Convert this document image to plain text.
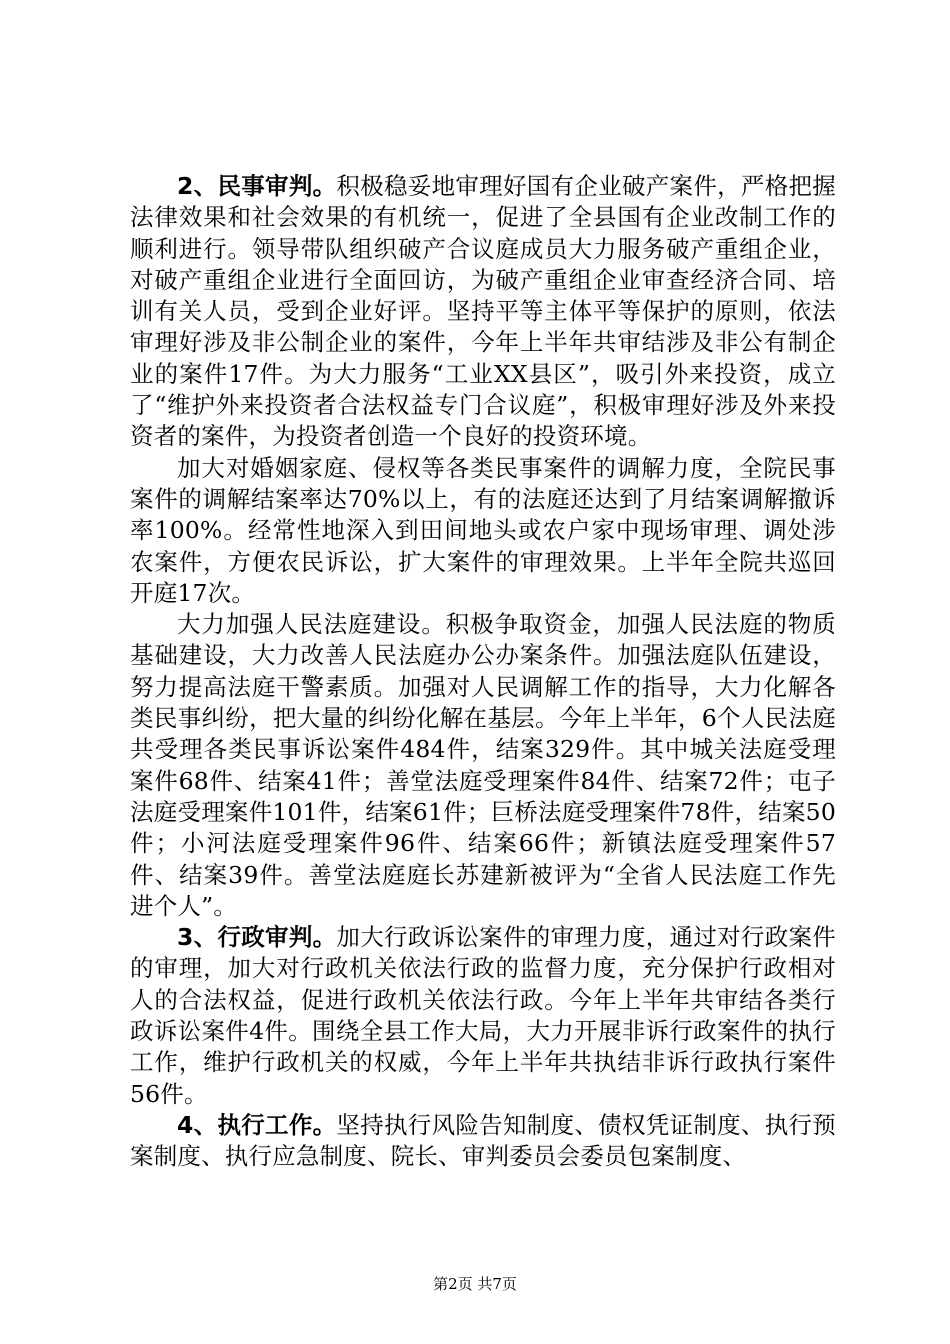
2、民事审判。积极稳妥地审理好国有企业破产案件，严格把握法律效果和社会效果的有机统一，促进了全县国有企业改制工作的顺利进行。领导带队组织破产合议庭成员大力服务破产重组企业，对破产重组企业进行全面回访，为破产重组企业审查经济合同、培训有关人员，受到企业好评。坚持平等主体平等保护的原则，依法审理好涉及非公制企业的案件，今年上半年共审结涉及非公有制企业的案件17件。为大力服务“工业XX县区”，吸引外来投资，成立了“维护外来投资者合法权益专门合议庭”，积极审理好涉及外来投资者的案件，为投资者创造一个良好的投资环境。

加大对婚姻家庭、侵权等各类民事案件的调解力度，全院民事案件的调解结案率达70%以上，有的法庭还达到了月结案调解撤诉率100%。经常性地深入到田间地头或农户家中现场审理、调处涉农案件，方便农民诉讼，扩大案件的审理效果。上半年全院共巡回开庭17次。

大力加强人民法庭建设。积极争取资金，加强人民法庭的物质基础建设，大力改善人民法庭办公办案条件。加强法庭队伍建设，努力提高法庭干警素质。加强对人民调解工作的指导，大力化解各类民事纠纷，把大量的纠纷化解在基层。今年上半年，6个人民法庭共受理各类民事诉讼案件484件，结案329件。其中城关法庭受理案件68件、结案41件；善堂法庭受理案件84件、结案72件；屯子法庭受理案件101件，结案61件；巨桥法庭受理案件78件，结案50件；小河法庭受理案件96件、结案66件；新镇法庭受理案件57件、结案39件。善堂法庭庭长苏建新被评为“全省人民法庭工作先进个人”。

3、行政审判。加大行政诉讼案件的审理力度，通过对行政案件的审理，加大对行政机关依法行政的监督力度，充分保护行政相对人的合法权益，促进行政机关依法行政。今年上半年共审结各类行政诉讼案件4件。围绕全县工作大局，大力开展非诉行政案件的执行工作，维护行政机关的权威，今年上半年共执结非诉行政执行案件56件。

4、执行工作。坚持执行风险告知制度、债权凭证制度、执行预案制度、执行应急制度、院长、审判委员会委员包案制度、

第2页 共7页
